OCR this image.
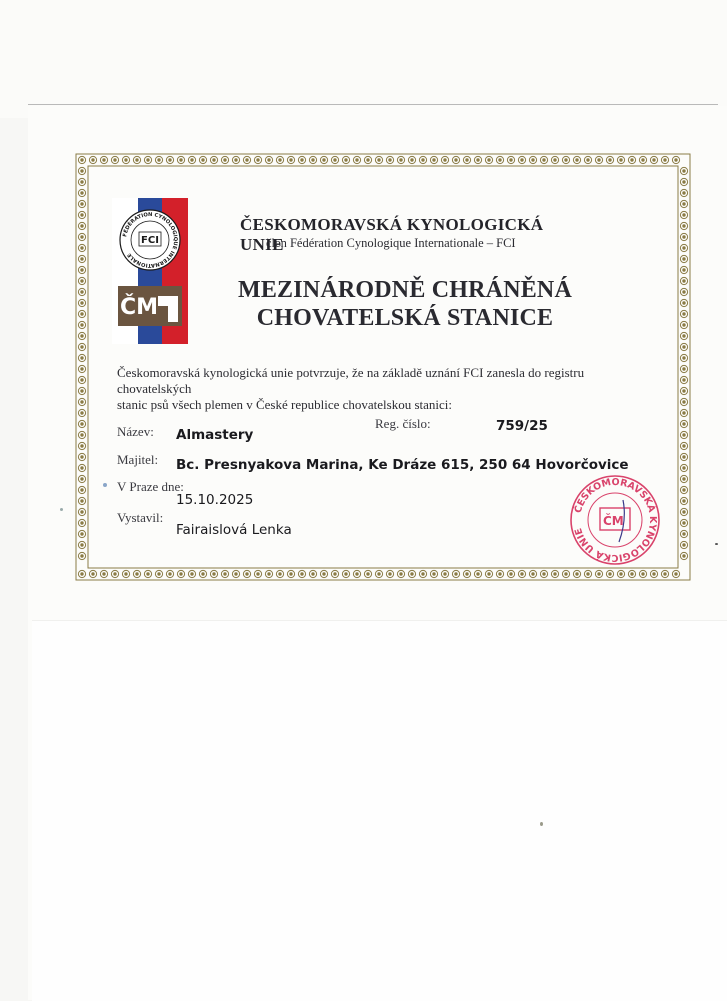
FÉDÉRATION CYNOLOGIQUE INTERNATIONALE
FCI
ČM
ČESKOMORAVSKÁ KYNOLOGICKÁ UNIE
člen Fédération Cynologique Internationale – FCI
MEZINÁRODNĚ CHRÁNĚNÁ
CHOVATELSKÁ STANICE
Českomoravská kynologická unie potvrzuje, že na základě uznání FCI zanesla do registru chovatelských
stanic psů všech plemen v České republice chovatelskou stanici:
Název: Almastery
Reg. číslo:	759/25
Majitel: Bc. Presnyakova Marina, Ke Dráze 615, 250 64 Hovorčovice
V Praze dne:
15.10.2025
Vystavil:
Fairaislová Lenka
ČESKOMORAVSKÁ KYNOLOGICKÁ UNIE
ČM
